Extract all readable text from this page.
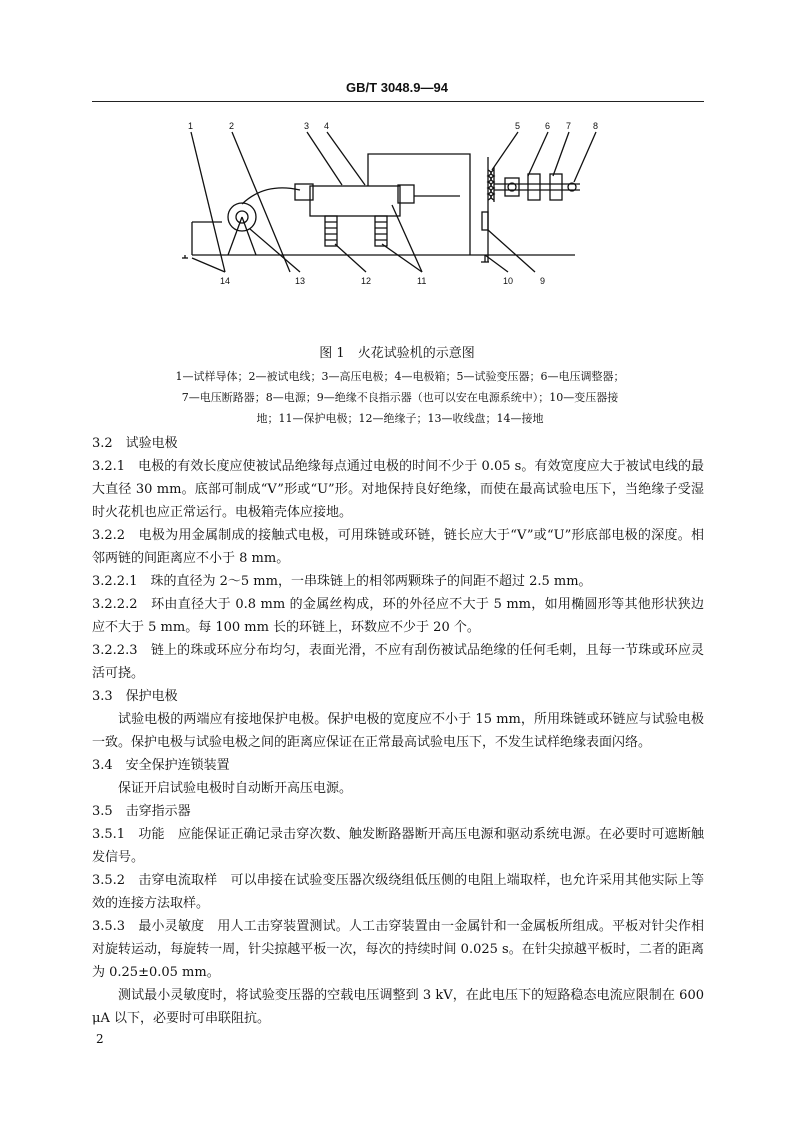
GB/T 3048.9—94
1	2	3 4	5	6 7 8
9
10
11
12
13
14
图 1　火花试验机的示意图
1—试样导体；2—被试电线；3—高压电极；4—电极箱；5—试验变压器；6—电压调整器；
7—电压断路器；8—电源；9—绝缘不良指示器（也可以安在电源系统中）；10—变压器接
地；11—保护电极；12—绝缘子；13—收线盘；14—接地

3.2　试验电极

3.2.1　电极的有效长度应使被试品绝缘每点通过电极的时间不少于 0.05 s。有效宽度应大于被试电线的最大直径 30 mm。底部可制成“V”形或“U”形。对地保持良好绝缘，而使在最高试验电压下，当绝缘子受湿时火花机也应正常运行。电极箱壳体应接地。

3.2.2　电极为用金属制成的接触式电极，可用珠链或环链，链长应大于“V”或“U”形底部电极的深度。相邻两链的间距离应不小于 8 mm。

3.2.2.1　珠的直径为 2～5 mm，一串珠链上的相邻两颗珠子的间距不超过 2.5 mm。

3.2.2.2　环由直径大于 0.8 mm 的金属丝构成，环的外径应不大于 5 mm，如用椭圆形等其他形状狭边应不大于 5 mm。每 100 mm 长的环链上，环数应不少于 20 个。

3.2.2.3　链上的珠或环应分布均匀，表面光滑，不应有刮伤被试品绝缘的任何毛刺，且每一节珠或环应灵活可挠。

3.3　保护电极

试验电极的两端应有接地保护电极。保护电极的宽度应不小于 15 mm，所用珠链或环链应与试验电极一致。保护电极与试验电极之间的距离应保证在正常最高试验电压下，不发生试样绝缘表面闪络。

3.4　安全保护连锁装置

保证开启试验电极时自动断开高压电源。

3.5　击穿指示器

3.5.1　功能　应能保证正确记录击穿次数、触发断路器断开高压电源和驱动系统电源。在必要时可遮断触发信号。

3.5.2　击穿电流取样　可以串接在试验变压器次级绕组低压侧的电阻上端取样，也允许采用其他实际上等效的连接方法取样。

3.5.3　最小灵敏度　用人工击穿装置测试。人工击穿装置由一金属针和一金属板所组成。平板对针尖作相对旋转运动，每旋转一周，针尖掠越平板一次，每次的持续时间 0.025 s。在针尖掠越平板时，二者的距离为 0.25±0.05 mm。

测试最小灵敏度时，将试验变压器的空载电压调整到 3 kV，在此电压下的短路稳态电流应限制在 600 μA 以下，必要时可串联阻抗。

2
